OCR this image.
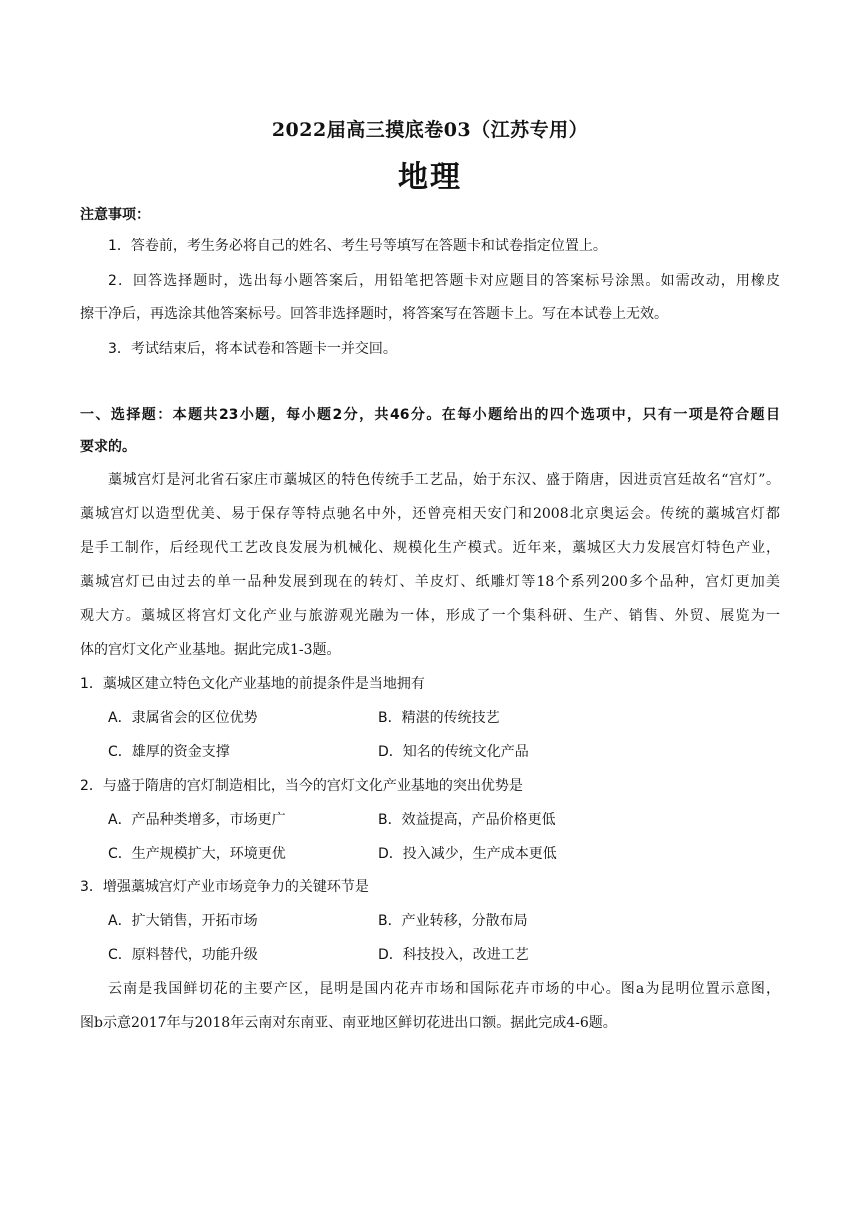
2022届高三摸底卷03（江苏专用）
地理
注意事项：
1．答卷前，考生务必将自己的姓名、考生号等填写在答题卡和试卷指定位置上。
2．回答选择题时，选出每小题答案后，用铅笔把答题卡对应题目的答案标号涂黑。如需改动，用橡皮
擦干净后，再选涂其他答案标号。回答非选择题时，将答案写在答题卡上。写在本试卷上无效。
3．考试结束后，将本试卷和答题卡一并交回。
一、选择题：本题共23小题，每小题2分，共46分。在每小题给出的四个选项中，只有一项是符合题目
要求的。
藁城宫灯是河北省石家庄市藁城区的特色传统手工艺品，始于东汉、盛于隋唐，因进贡宫廷故名“宫灯”。
藁城宫灯以造型优美、易于保存等特点驰名中外，还曾亮相天安门和2008北京奥运会。传统的藁城宫灯都
是手工制作，后经现代工艺改良发展为机械化、规模化生产模式。近年来，藁城区大力发展宫灯特色产业，
藁城宫灯已由过去的单一品种发展到现在的转灯、羊皮灯、纸雕灯等18个系列200多个品种，宫灯更加美
观大方。藁城区将宫灯文化产业与旅游观光融为一体，形成了一个集科研、生产、销售、外贸、展览为一
体的宫灯文化产业基地。据此完成1-3题。
1．藁城区建立特色文化产业基地的前提条件是当地拥有
A．隶属省会的区位优势	B．精湛的传统技艺
C．雄厚的资金支撑	D．知名的传统文化产品
2．与盛于隋唐的宫灯制造相比，当今的宫灯文化产业基地的突出优势是
A．产品种类增多，市场更广	B．效益提高，产品价格更低
C．生产规模扩大，环境更优	D．投入减少，生产成本更低
3．增强藁城宫灯产业市场竞争力的关键环节是
A．扩大销售，开拓市场	B．产业转移，分散布局
C．原料替代，功能升级	D．科技投入，改进工艺
云南是我国鲜切花的主要产区，昆明是国内花卉市场和国际花卉市场的中心。图a为昆明位置示意图，
图b示意2017年与2018年云南对东南亚、南亚地区鲜切花进出口额。据此完成4-6题。
